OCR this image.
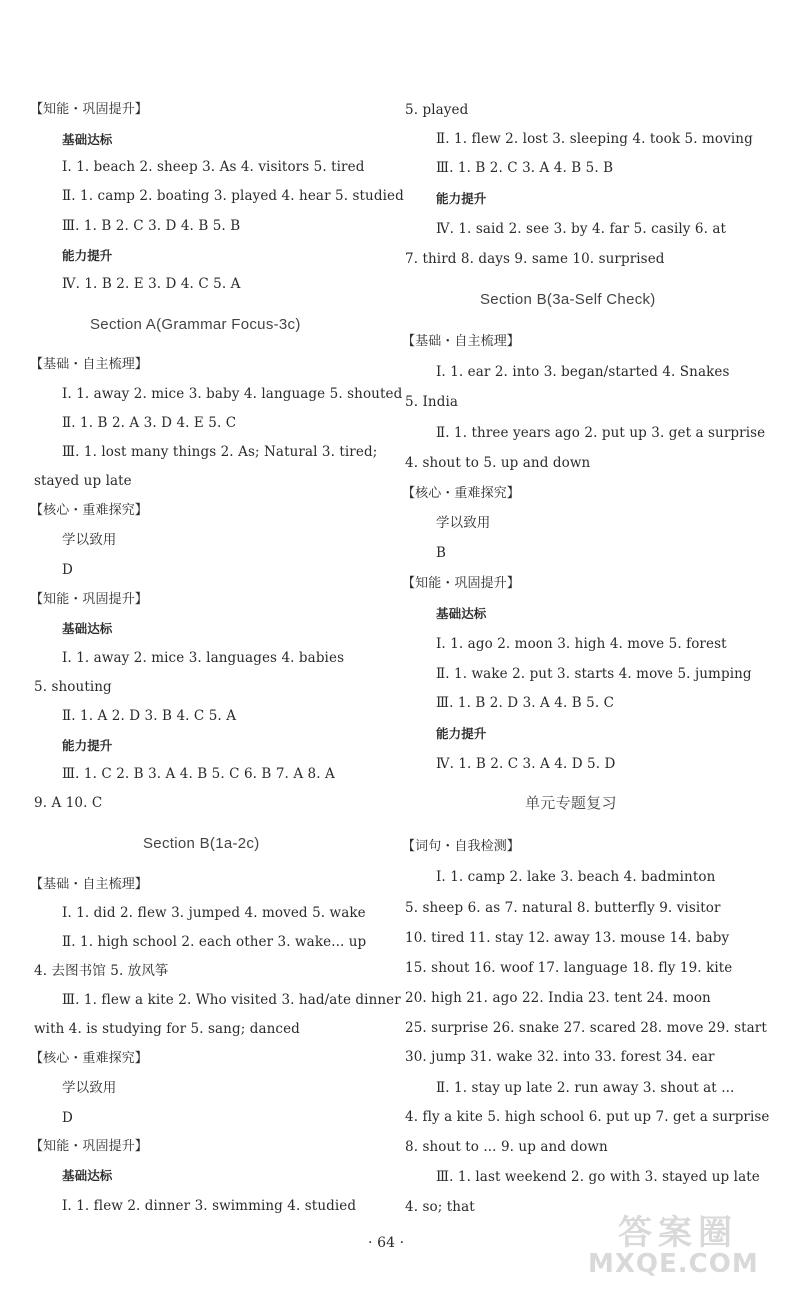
【知能・巩固提升】
基础达标
Ⅰ. 1. beach 2. sheep 3. As 4. visitors 5. tired
Ⅱ. 1. camp 2. boating 3. played 4. hear 5. studied
Ⅲ. 1. B 2. C 3. D 4. B 5. B
能力提升
Ⅳ. 1. B 2. E 3. D 4. C 5. A
Section A(Grammar Focus-3c)
【基础・自主梳理】
Ⅰ. 1. away 2. mice 3. baby 4. language 5. shouted
Ⅱ. 1. B 2. A 3. D 4. E 5. C
Ⅲ. 1. lost many things 2. As; Natural 3. tired;
stayed up late
【核心・重难探究】
学以致用
D
【知能・巩固提升】
基础达标
Ⅰ. 1. away 2. mice 3. languages 4. babies
5. shouting
Ⅱ. 1. A 2. D 3. B 4. C 5. A
能力提升
Ⅲ. 1. C 2. B 3. A 4. B 5. C 6. B 7. A 8. A
9. A 10. C
Section B(1a-2c)
【基础・自主梳理】
Ⅰ. 1. did 2. flew 3. jumped 4. moved 5. wake
Ⅱ. 1. high school 2. each other 3. wake... up
4. 去图书馆 5. 放风筝
Ⅲ. 1. flew a kite 2. Who visited 3. had/ate dinner
with 4. is studying for 5. sang; danced
【核心・重难探究】
学以致用
D
【知能・巩固提升】
基础达标
Ⅰ. 1. flew 2. dinner 3. swimming 4. studied
5. played
Ⅱ. 1. flew 2. lost 3. sleeping 4. took 5. moving
Ⅲ. 1. B 2. C 3. A 4. B 5. B
能力提升
Ⅳ. 1. said 2. see 3. by 4. far 5. casily 6. at
7. third 8. days 9. same 10. surprised
Section B(3a-Self Check)
【基础・自主梳理】
Ⅰ. 1. ear 2. into 3. began/started 4. Snakes
5. India
Ⅱ. 1. three years ago 2. put up 3. get a surprise
4. shout to 5. up and down
【核心・重难探究】
学以致用
B
【知能・巩固提升】
基础达标
Ⅰ. 1. ago 2. moon 3. high 4. move 5. forest
Ⅱ. 1. wake 2. put 3. starts 4. move 5. jumping
Ⅲ. 1. B 2. D 3. A 4. B 5. C
能力提升
Ⅳ. 1. B 2. C 3. A 4. D 5. D
单元专题复习
【词句・自我检测】
Ⅰ. 1. camp 2. lake 3. beach 4. badminton
5. sheep 6. as 7. natural 8. butterfly 9. visitor
10. tired 11. stay 12. away 13. mouse 14. baby
15. shout 16. woof 17. language 18. fly 19. kite
20. high 21. ago 22. India 23. tent 24. moon
25. surprise 26. snake 27. scared 28. move 29. start
30. jump 31. wake 32. into 33. forest 34. ear
Ⅱ. 1. stay up late 2. run away 3. shout at ...
4. fly a kite 5. high school 6. put up 7. get a surprise
8. shout to ... 9. up and down
Ⅲ. 1. last weekend 2. go with 3. stayed up late
4. so; that
· 64 ·	答案圈
MXQE.COM
